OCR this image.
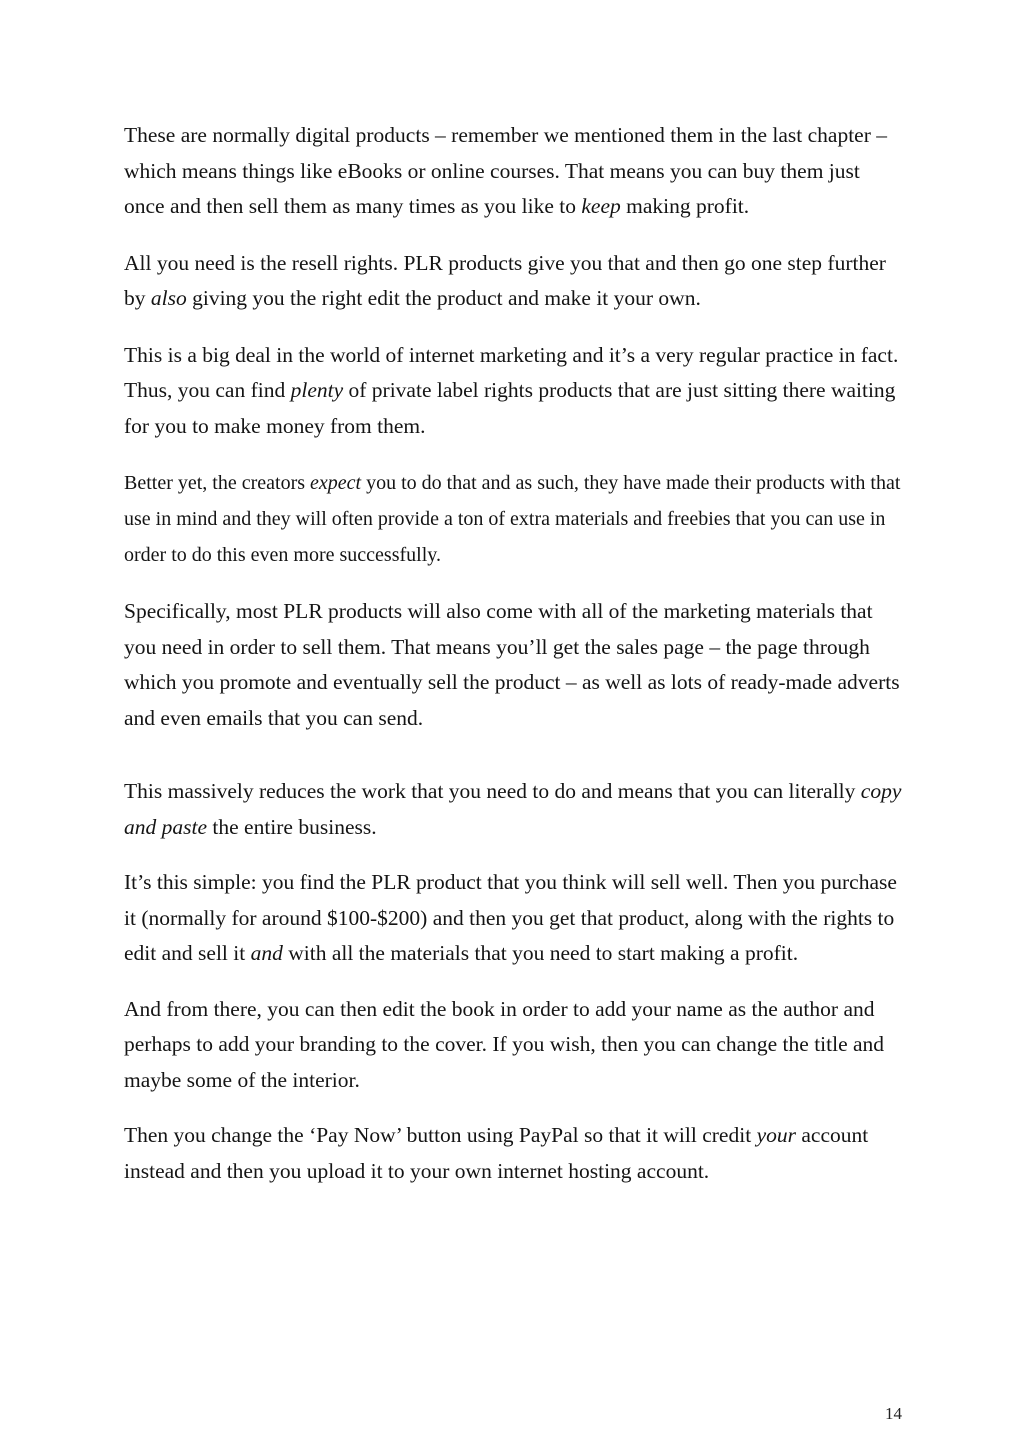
These are normally digital products – remember we mentioned them in the last chapter – which means things like eBooks or online courses. That means you can buy them just once and then sell them as many times as you like to keep making profit.

All you need is the resell rights. PLR products give you that and then go one step further by also giving you the right edit the product and make it your own.

This is a big deal in the world of internet marketing and it’s a very regular practice in fact. Thus, you can find plenty of private label rights products that are just sitting there waiting for you to make money from them.

Better yet, the creators expect you to do that and as such, they have made their products with that use in mind and they will often provide a ton of extra materials and freebies that you can use in order to do this even more successfully.

Specifically, most PLR products will also come with all of the marketing materials that you need in order to sell them. That means you’ll get the sales page – the page through which you promote and eventually sell the product – as well as lots of ready-made adverts and even emails that you can send.

This massively reduces the work that you need to do and means that you can literally copy and paste the entire business.

It’s this simple: you find the PLR product that you think will sell well. Then you purchase it (normally for around $100-$200) and then you get that product, along with the rights to edit and sell it and with all the materials that you need to start making a profit.

And from there, you can then edit the book in order to add your name as the author and perhaps to add your branding to the cover. If you wish, then you can change the title and maybe some of the interior.

Then you change the ‘Pay Now’ button using PayPal so that it will credit your account instead and then you upload it to your own internet hosting account.

14
